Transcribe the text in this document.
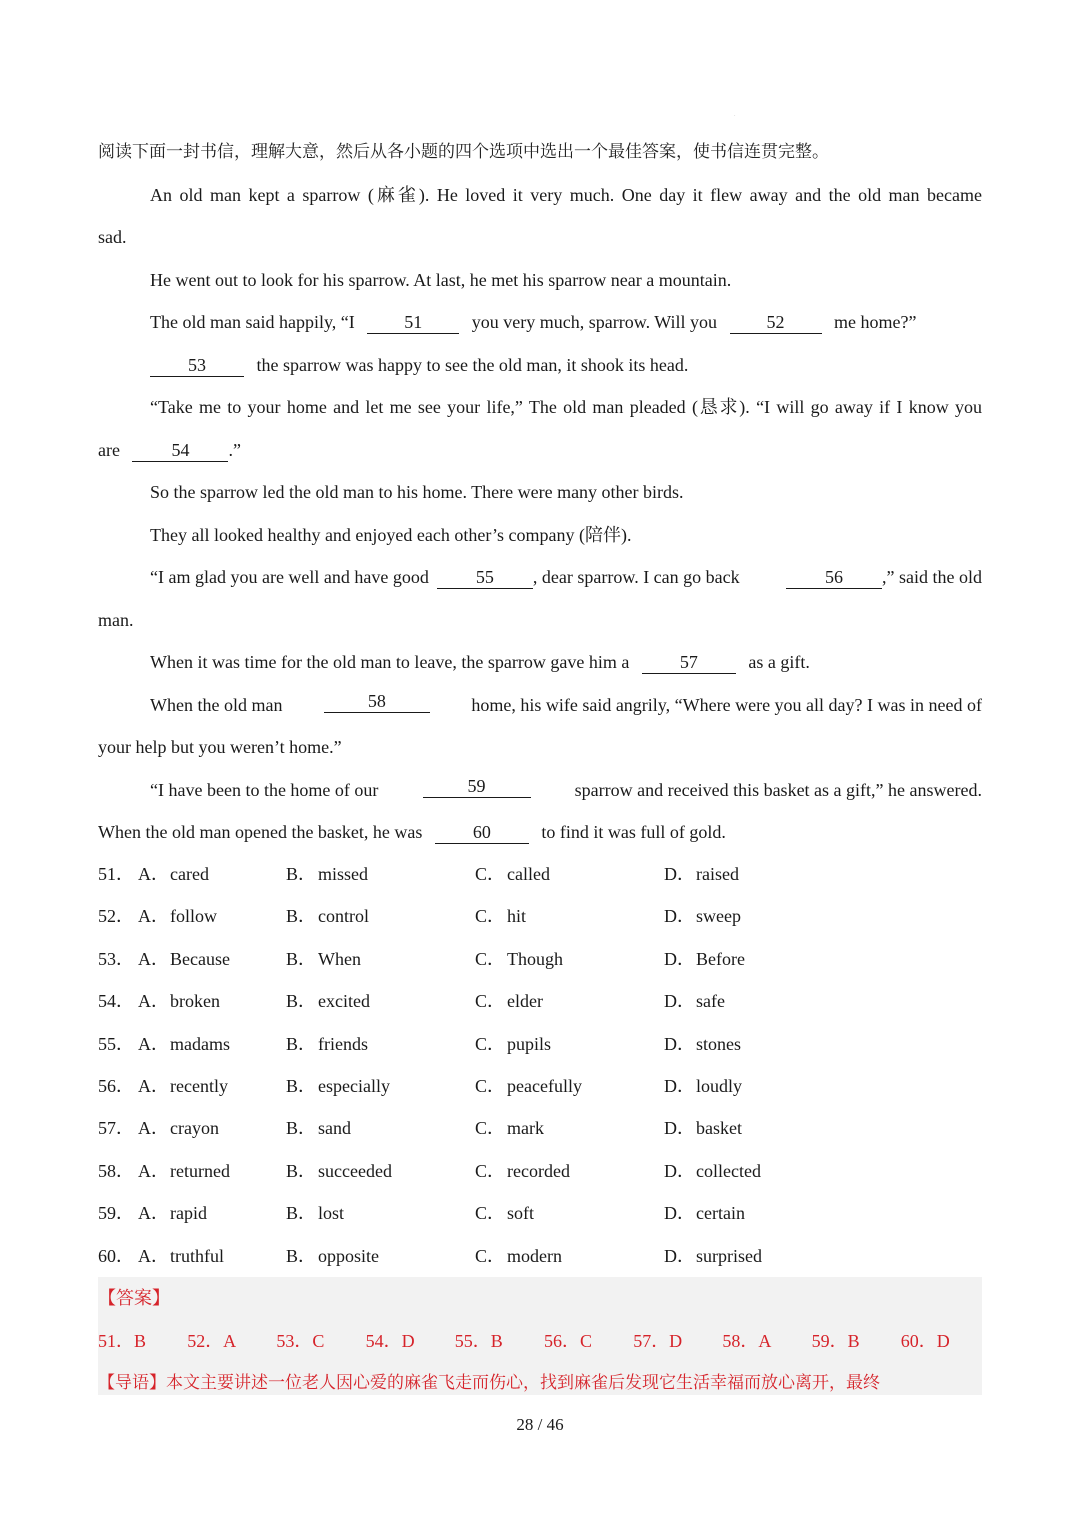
.
阅读下面一封书信，理解大意，然后从各小题的四个选项中选出一个最佳答案，使书信连贯完整。
An old man kept a sparrow (麻雀). He loved it very much. One day it flew away and the old man became
sad.
He went out to look for his sparrow. At last, he met his sparrow near a mountain.
The old man said happily, “I	51	you very much, sparrow. Will you	52	me home?”
53	the sparrow was happy to see the old man, it shook its head.
“Take me to your home and let me see your life,” The old man pleaded (恳求). “I will go away if I know you
are	54 .”
So the sparrow led the old man to his home. There were many other birds.
They all looked healthy and enjoyed each other’s company (陪伴).
“I am glad you are well and have good	55 , dear sparrow. I can go back	56 ,” said the old
man.
When it was time for the old man to leave, the sparrow gave him a	57	as a gift.
When the old man	58	home, his wife said angrily, “Where were you all day? I was in need of
your help but you weren’t home.”
“I have been to the home of our	59	sparrow and received this basket as a gift,” he answered.
When the old man opened the basket, he was	60	to find it was full of gold.
51． A．cared	B． missed	C． called	D．raised
52． A．follow	B． control	C． hit	D．sweep
53． A．Because	B． When	C． Though	D．Before
54． A．broken	B． excited	C． elder	D．safe
55． A．madams	B． friends	C． pupils	D．stones
56． A．recently	B． especially	C． peacefully	D．loudly
57． A．crayon	B． sand	C． mark	D．basket
58． A．returned	B． succeeded	C． recorded	D．collected
59． A．rapid	B． lost	C． soft	D．certain
60． A．truthful	B． opposite	C． modern	D．surprised
【答案】
51．B 52．A 53．C 54．D 55．B 56．C 57．D 58．A 59．B 60．D
【导语】本文主要讲述一位老人因心爱的麻雀飞走而伤心，找到麻雀后发现它生活幸福而放心离开，最终
28 / 46
